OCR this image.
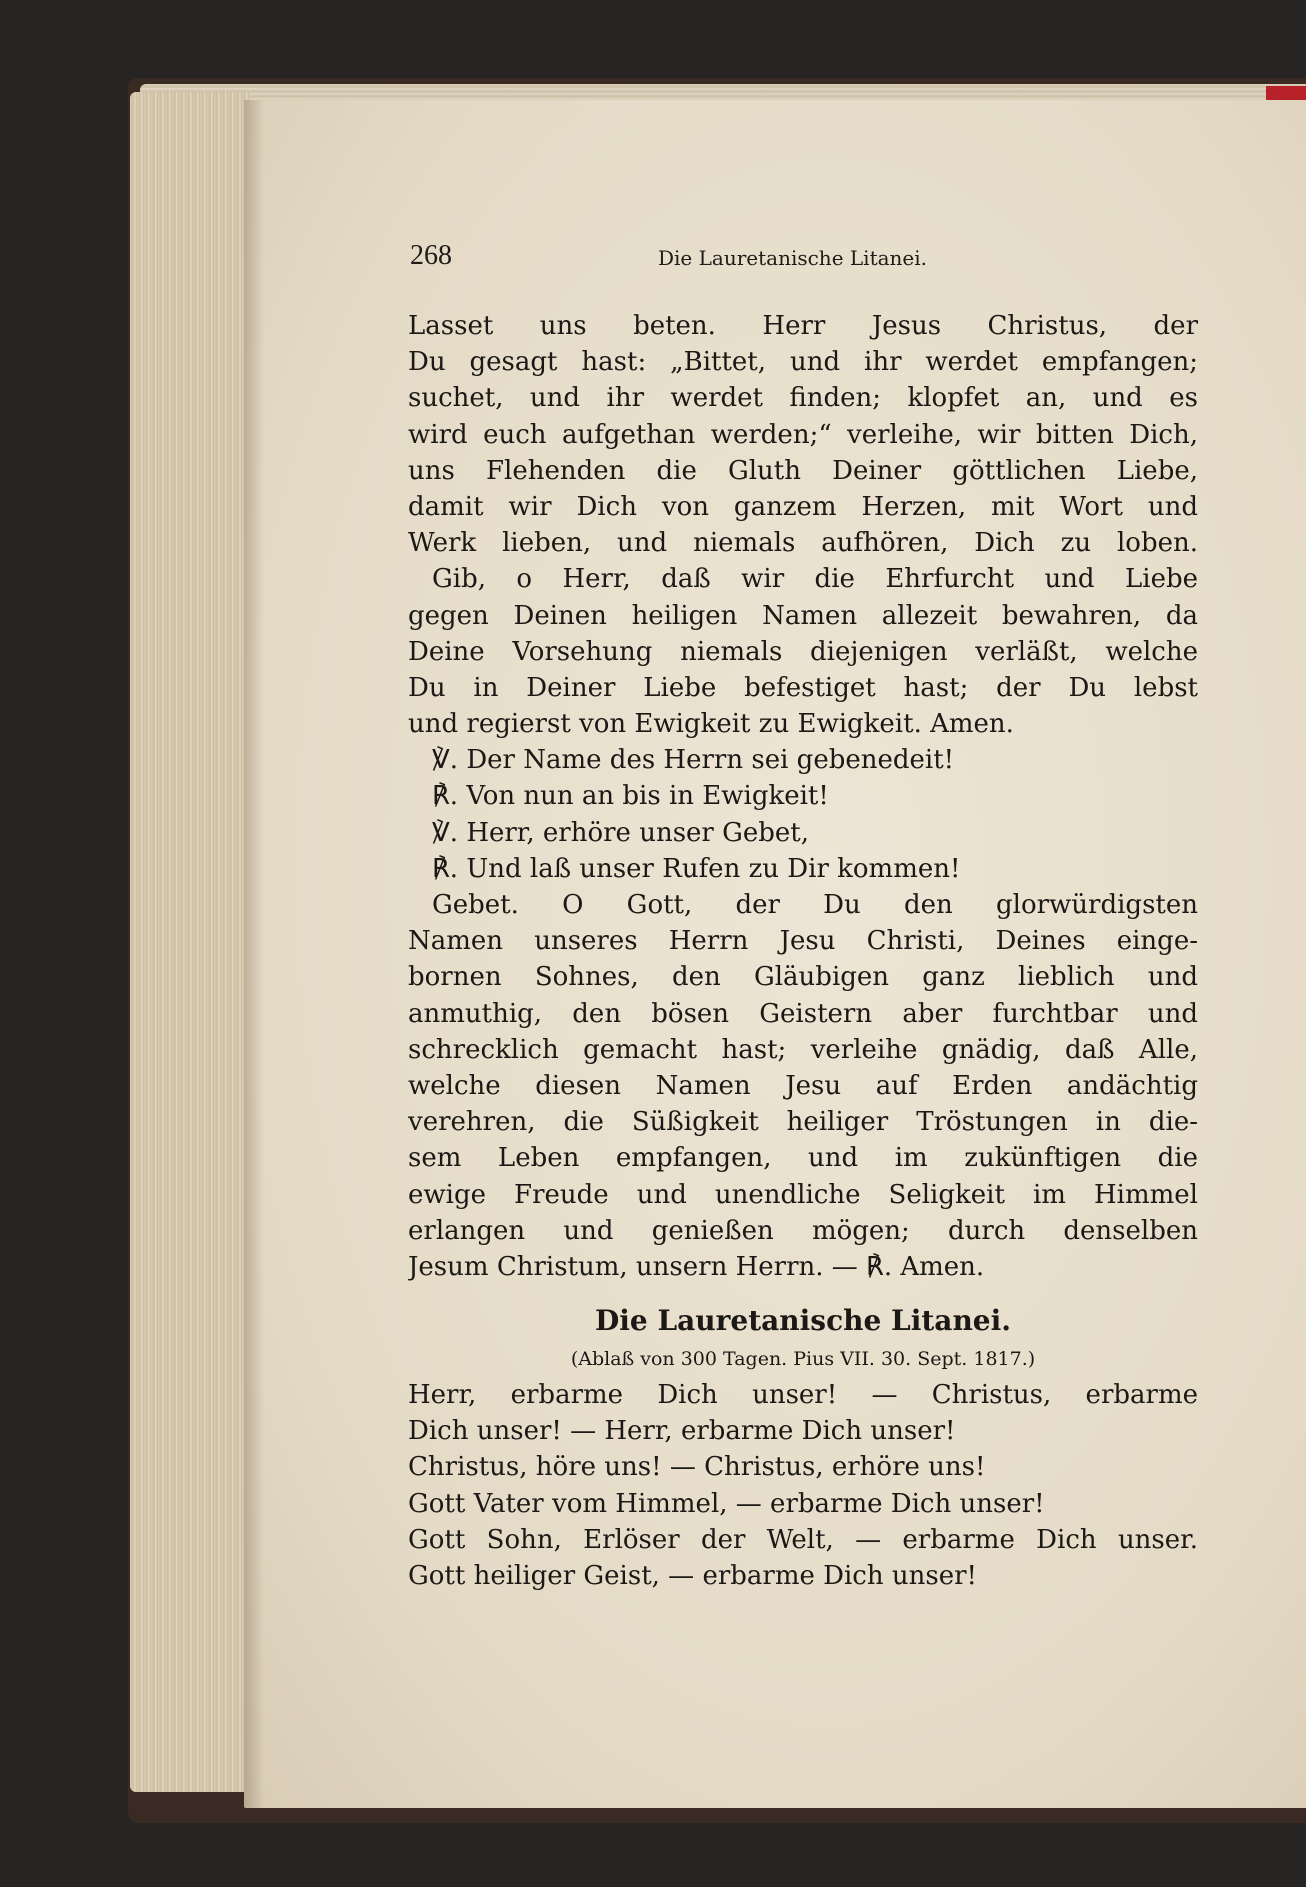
268	Die Lauretanische Litanei.
Lasset uns beten. Herr Jesus Christus, der
Du gesagt hast: „Bittet, und ihr werdet empfangen;
suchet, und ihr werdet finden; klopfet an, und es
wird euch aufgethan werden;“ verleihe, wir bitten Dich,
uns Flehenden die Gluth Deiner göttlichen Liebe,
damit wir Dich von ganzem Herzen, mit Wort und
Werk lieben, und niemals aufhören, Dich zu loben.
Gib, o Herr, daß wir die Ehrfurcht und Liebe
gegen Deinen heiligen Namen allezeit bewahren, da
Deine Vorsehung niemals diejenigen verläßt, welche
Du in Deiner Liebe befestiget hast; der Du lebst
und regierst von Ewigkeit zu Ewigkeit. Amen.
℣. Der Name des Herrn sei gebenedeit!
℟. Von nun an bis in Ewigkeit!
℣. Herr, erhöre unser Gebet,
℟. Und laß unser Rufen zu Dir kommen!
Gebet. O Gott, der Du den glorwürdigsten
Namen unseres Herrn Jesu Christi, Deines einge-
bornen Sohnes, den Gläubigen ganz lieblich und
anmuthig, den bösen Geistern aber furchtbar und
schrecklich gemacht hast; verleihe gnädig, daß Alle,
welche diesen Namen Jesu auf Erden andächtig
verehren, die Süßigkeit heiliger Tröstungen in die-
sem Leben empfangen, und im zukünftigen die
ewige Freude und unendliche Seligkeit im Himmel
erlangen und genießen mögen; durch denselben
Jesum Christum, unsern Herrn. — ℟. Amen.
Die Lauretanische Litanei.
(Ablaß von 300 Tagen. Pius VII. 30. Sept. 1817.)
Herr, erbarme Dich unser! — Christus, erbarme
Dich unser! — Herr, erbarme Dich unser!
Christus, höre uns! — Christus, erhöre uns!
Gott Vater vom Himmel, — erbarme Dich unser!
Gott Sohn, Erlöser der Welt, — erbarme Dich unser.
Gott heiliger Geist, — erbarme Dich unser!
